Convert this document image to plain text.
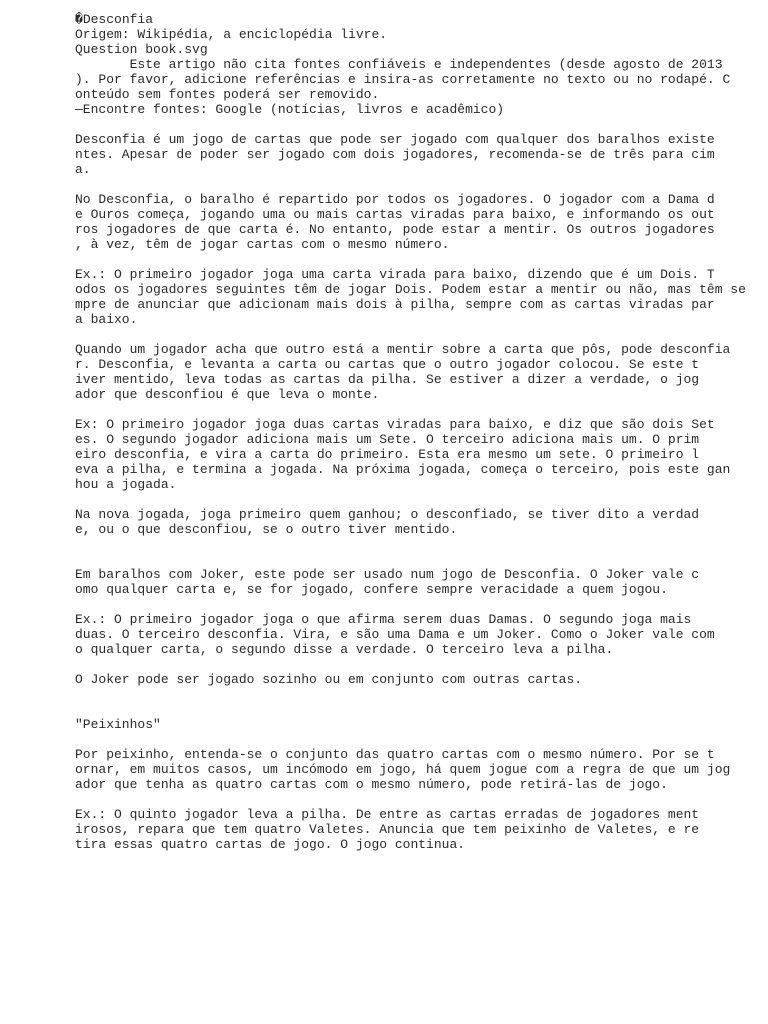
�Desconfia
Origem: Wikipédia, a enciclopédia livre.
Question book.svg
Este artigo não cita fontes confiáveis e independentes (desde agosto de 2013
). Por favor, adicione referências e insira-as corretamente no texto ou no rodapé. C
onteúdo sem fontes poderá ser removido.
—Encontre fontes: Google (notícias, livros e acadêmico)
Desconfia é um jogo de cartas que pode ser jogado com qualquer dos baralhos existe
ntes. Apesar de poder ser jogado com dois jogadores, recomenda-se de três para cim
a.
No Desconfia, o baralho é repartido por todos os jogadores. O jogador com a Dama d
e Ouros começa, jogando uma ou mais cartas viradas para baixo, e informando os out
ros jogadores de que carta é. No entanto, pode estar a mentir. Os outros jogadores
, à vez, têm de jogar cartas com o mesmo número.
Ex.: O primeiro jogador joga uma carta virada para baixo, dizendo que é um Dois. T
odos os jogadores seguintes têm de jogar Dois. Podem estar a mentir ou não, mas têm se
mpre de anunciar que adicionam mais dois à pilha, sempre com as cartas viradas par
a baixo.
Quando um jogador acha que outro está a mentir sobre a carta que pôs, pode desconfia
r. Desconfia, e levanta a carta ou cartas que o outro jogador colocou. Se este t
iver mentido, leva todas as cartas da pilha. Se estiver a dizer a verdade, o jog
ador que desconfiou é que leva o monte.
Ex: O primeiro jogador joga duas cartas viradas para baixo, e diz que são dois Set
es. O segundo jogador adiciona mais um Sete. O terceiro adiciona mais um. O prim
eiro desconfia, e vira a carta do primeiro. Esta era mesmo um sete. O primeiro l
eva a pilha, e termina a jogada. Na próxima jogada, começa o terceiro, pois este gan
hou a jogada.
Na nova jogada, joga primeiro quem ganhou; o desconfiado, se tiver dito a verdad
e, ou o que desconfiou, se o outro tiver mentido.
Em baralhos com Joker, este pode ser usado num jogo de Desconfia. O Joker vale c
omo qualquer carta e, se for jogado, confere sempre veracidade a quem jogou.
Ex.: O primeiro jogador joga o que afirma serem duas Damas. O segundo joga mais
duas. O terceiro desconfia. Vira, e são uma Dama e um Joker. Como o Joker vale com
o qualquer carta, o segundo disse a verdade. O terceiro leva a pilha.
O Joker pode ser jogado sozinho ou em conjunto com outras cartas.
"Peixinhos"
Por peixinho, entenda-se o conjunto das quatro cartas com o mesmo número. Por se t
ornar, em muitos casos, um incómodo em jogo, há quem jogue com a regra de que um jog
ador que tenha as quatro cartas com o mesmo número, pode retirá-las de jogo.
Ex.: O quinto jogador leva a pilha. De entre as cartas erradas de jogadores ment
irosos, repara que tem quatro Valetes. Anuncia que tem peixinho de Valetes, e re
tira essas quatro cartas de jogo. O jogo continua.
